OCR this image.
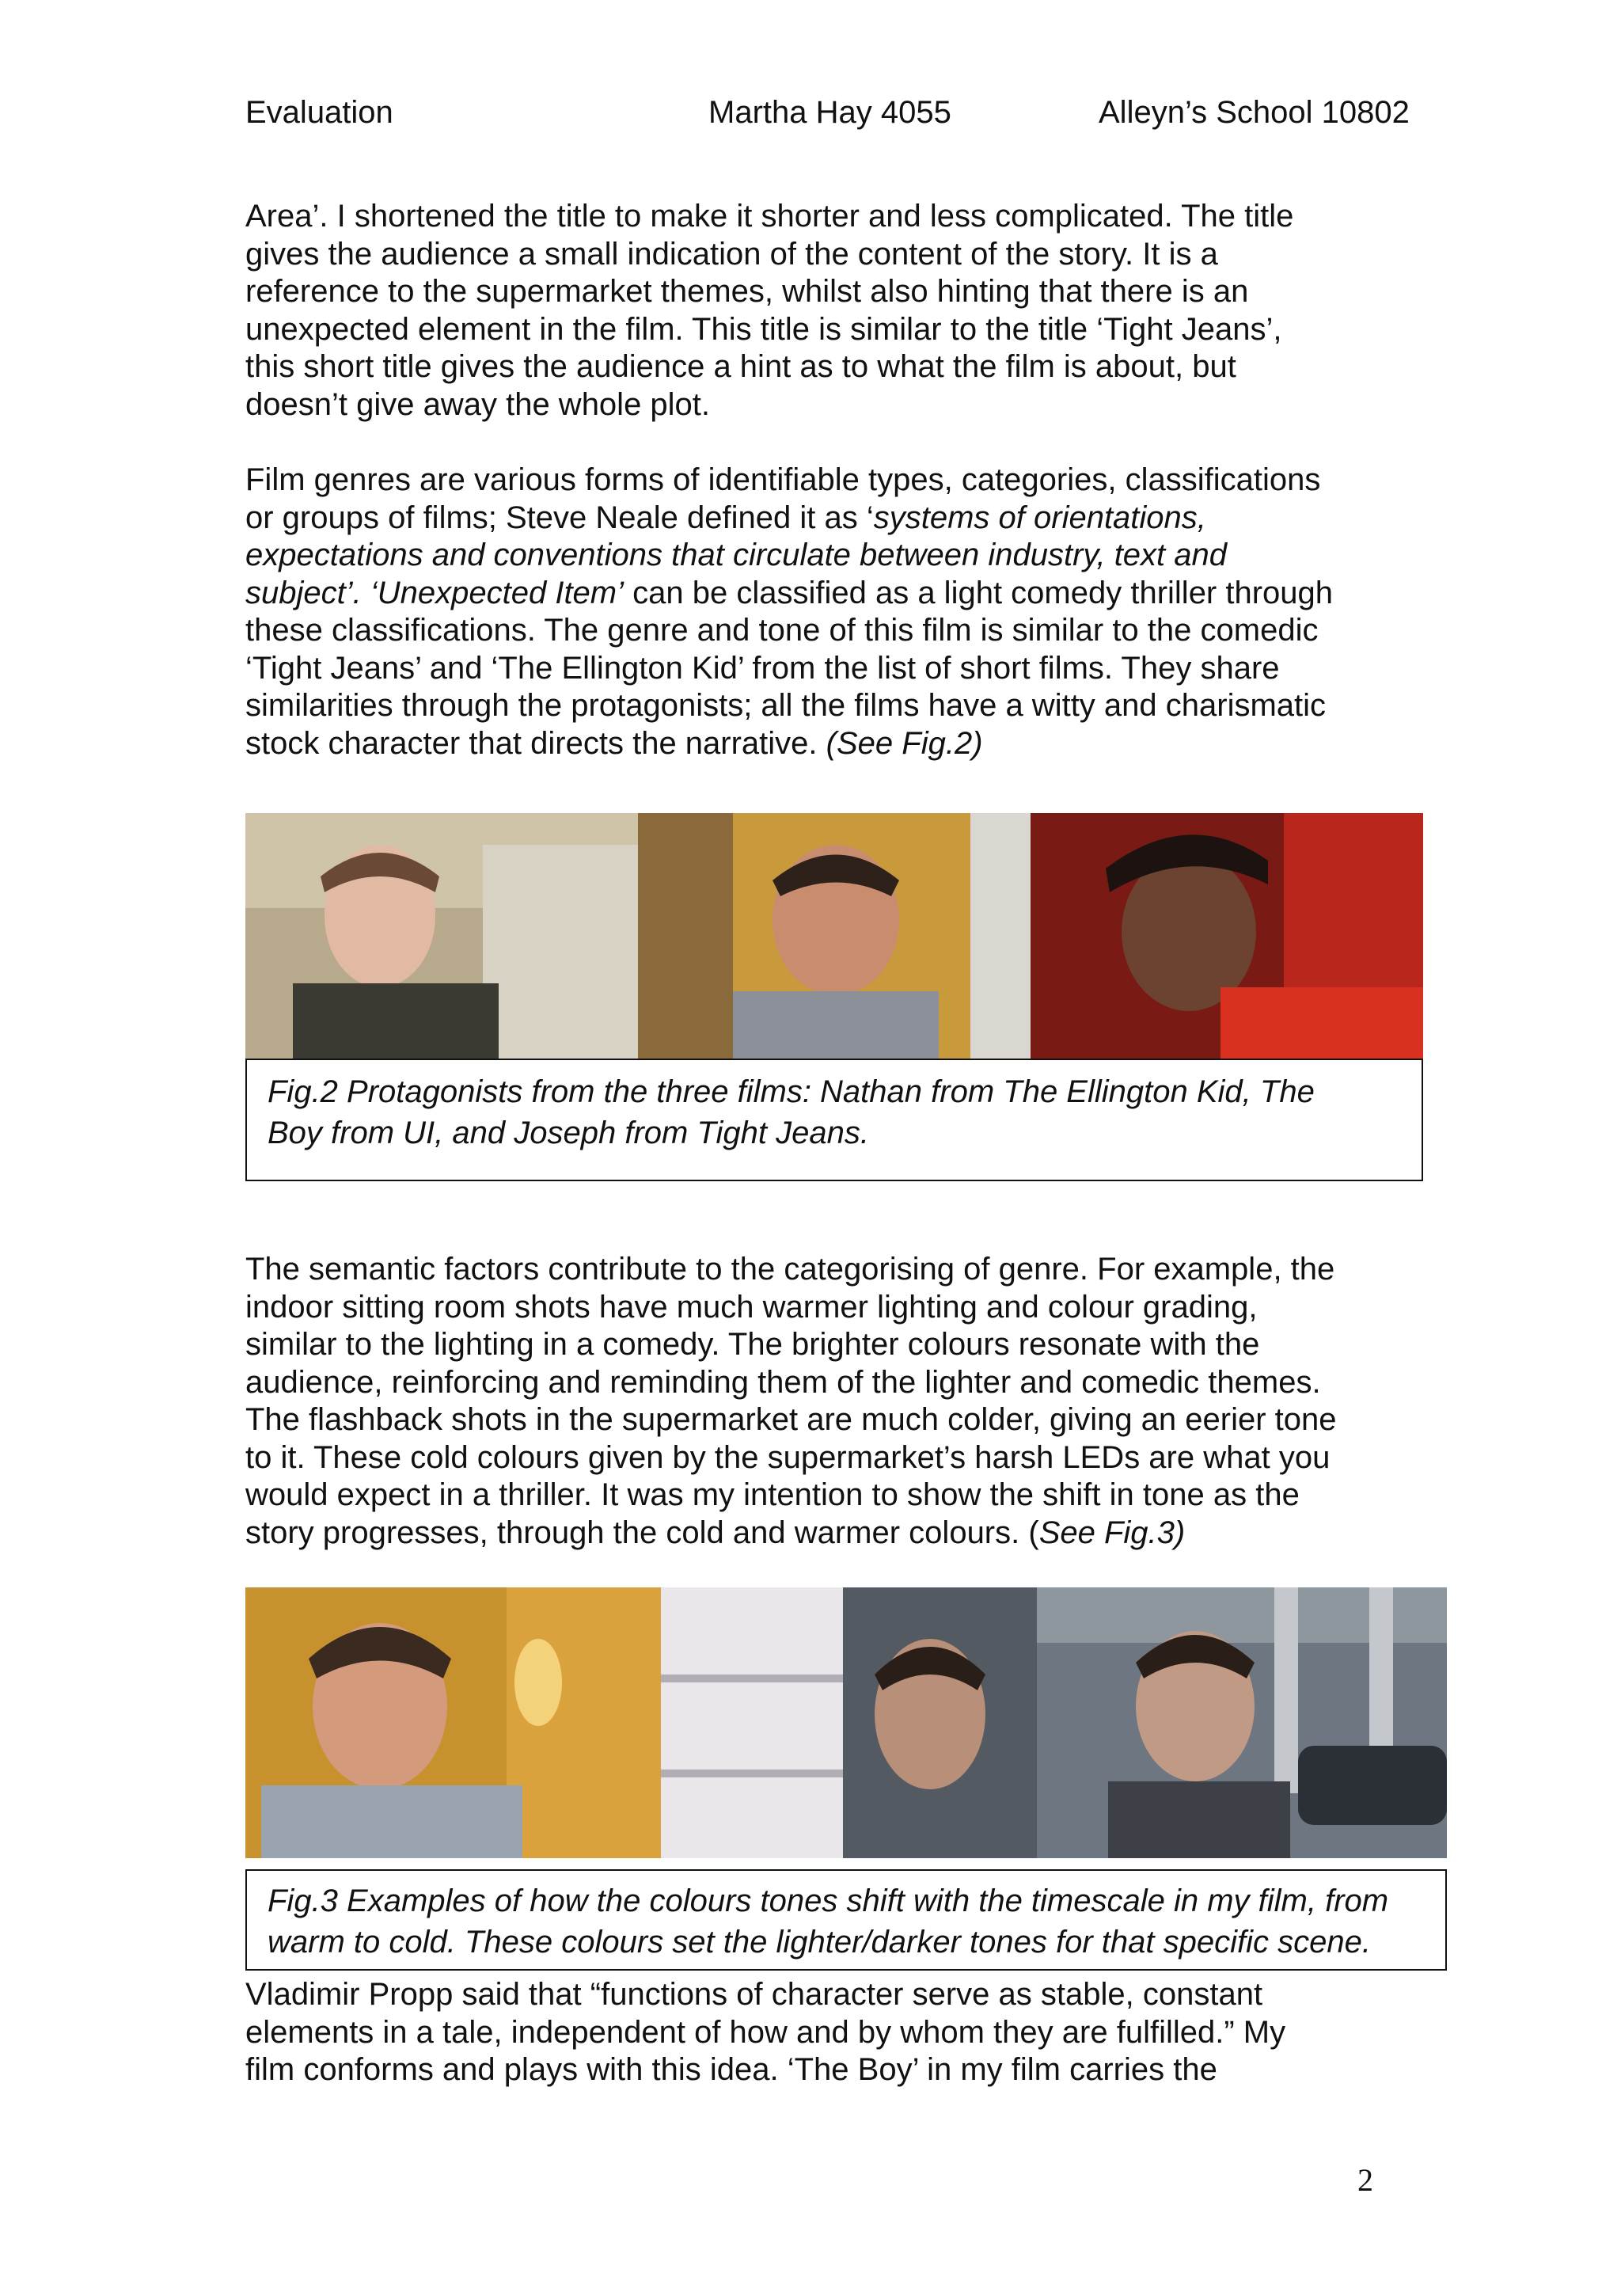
Evaluation	Martha Hay 4055	Alleyn’s School 10802
Area’. I shortened the title to make it shorter and less complicated. The title
gives the audience a small indication of the content of the story. It is a
reference to the supermarket themes, whilst also hinting that there is an
unexpected element in the film. This title is similar to the title ‘Tight Jeans’,
this short title gives the audience a hint as to what the film is about, but
doesn’t give away the whole plot.
Film genres are various forms of identifiable types, categories, classifications
or groups of films; Steve Neale defined it as ‘systems of orientations,
expectations and conventions that circulate between industry, text and
subject’. ‘Unexpected Item’ can be classified as a light comedy thriller through
these classifications. The genre and tone of this film is similar to the comedic
‘Tight Jeans’ and ‘The Ellington Kid’ from the list of short films. They share
similarities through the protagonists; all the films have a witty and charismatic
stock character that directs the narrative. (See Fig.2)
Fig.2 Protagonists from the three films: Nathan from The Ellington Kid, The
Boy from UI, and Joseph from Tight Jeans.
The semantic factors contribute to the categorising of genre. For example, the
indoor sitting room shots have much warmer lighting and colour grading,
similar to the lighting in a comedy. The brighter colours resonate with the
audience, reinforcing and reminding them of the lighter and comedic themes.
The flashback shots in the supermarket are much colder, giving an eerier tone
to it. These cold colours given by the supermarket’s harsh LEDs are what you
would expect in a thriller. It was my intention to show the shift in tone as the
story progresses, through the cold and warmer colours. (See Fig.3)
Fig.3 Examples of how the colours tones shift with the timescale in my film, from
warm to cold. These colours set the lighter/darker tones for that specific scene.
Vladimir Propp said that “functions of character serve as stable, constant
elements in a tale, independent of how and by whom they are fulfilled.” My
film conforms and plays with this idea. ‘The Boy’ in my film carries the
2
